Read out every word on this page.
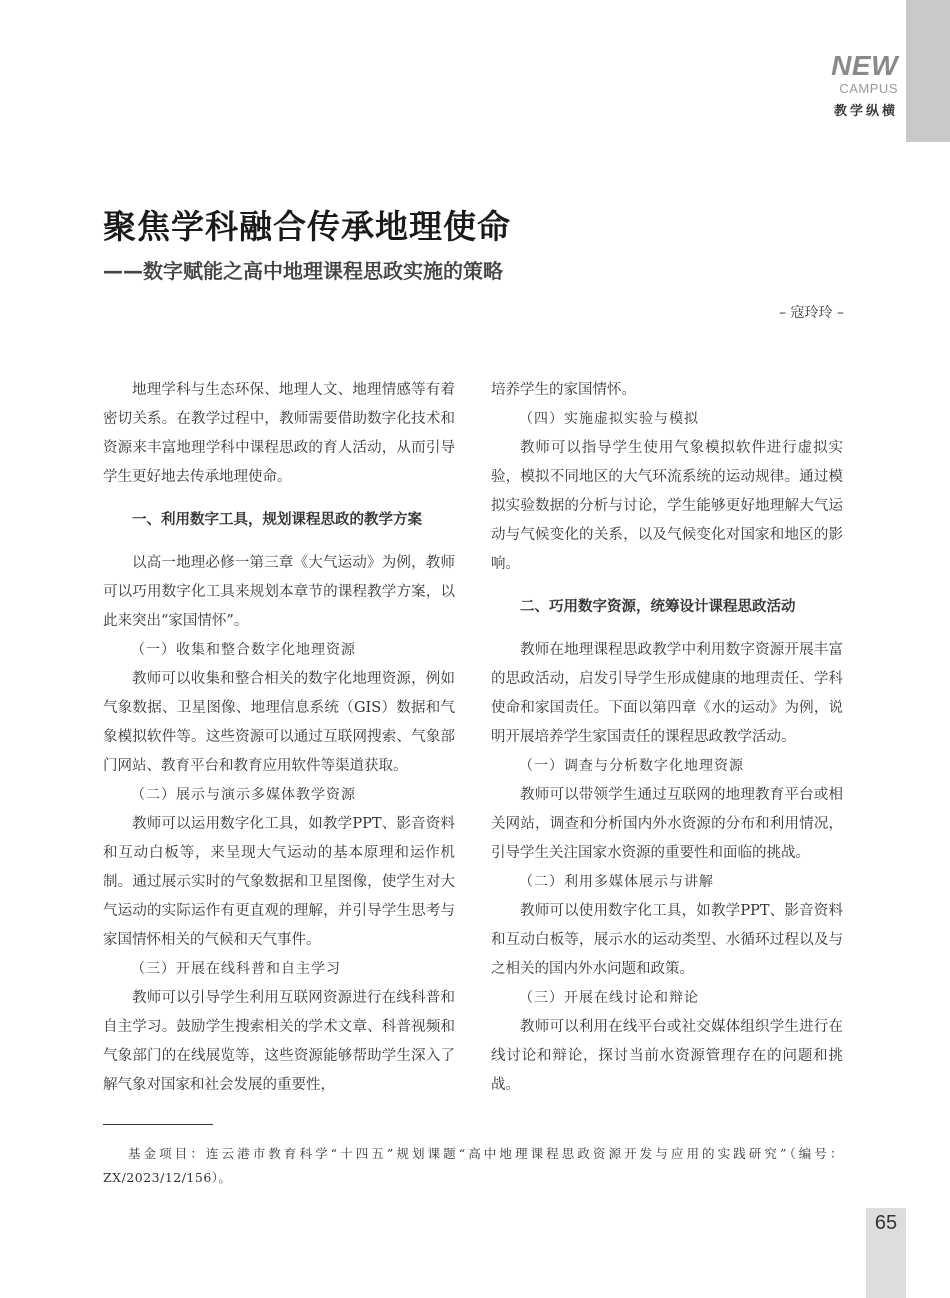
NEW
CAMPUS
教学纵横
聚焦学科融合传承地理使命
——数字赋能之高中地理课程思政实施的策略
– 寇玲玲 –

地理学科与生态环保、地理人文、地理情感等有着密切关系。在教学过程中，教师需要借助数字化技术和资源来丰富地理学科中课程思政的育人活动，从而引导学生更好地去传承地理使命。

一、利用数字工具，规划课程思政的教学方案

以高一地理必修一第三章《大气运动》为例，教师可以巧用数字化工具来规划本章节的课程教学方案，以此来突出“家国情怀”。

（一）收集和整合数字化地理资源

教师可以收集和整合相关的数字化地理资源，例如气象数据、卫星图像、地理信息系统（GIS）数据和气象模拟软件等。这些资源可以通过互联网搜索、气象部门网站、教育平台和教育应用软件等渠道获取。

（二）展示与演示多媒体教学资源

教师可以运用数字化工具，如教学PPT、影音资料和互动白板等，来呈现大气运动的基本原理和运作机制。通过展示实时的气象数据和卫星图像，使学生对大气运动的实际运作有更直观的理解，并引导学生思考与家国情怀相关的气候和天气事件。

（三）开展在线科普和自主学习

教师可以引导学生利用互联网资源进行在线科普和自主学习。鼓励学生搜索相关的学术文章、科普视频和气象部门的在线展览等，这些资源能够帮助学生深入了解气象对国家和社会发展的重要性，

培养学生的家国情怀。

（四）实施虚拟实验与模拟

教师可以指导学生使用气象模拟软件进行虚拟实验，模拟不同地区的大气环流系统的运动规律。通过模拟实验数据的分析与讨论，学生能够更好地理解大气运动与气候变化的关系，以及气候变化对国家和地区的影响。

二、巧用数字资源，统筹设计课程思政活动

教师在地理课程思政教学中利用数字资源开展丰富的思政活动，启发引导学生形成健康的地理责任、学科使命和家国责任。下面以第四章《水的运动》为例，说明开展培养学生家国责任的课程思政教学活动。

（一）调查与分析数字化地理资源

教师可以带领学生通过互联网的地理教育平台或相关网站，调查和分析国内外水资源的分布和利用情况，引导学生关注国家水资源的重要性和面临的挑战。

（二）利用多媒体展示与讲解

教师可以使用数字化工具，如教学PPT、影音资料和互动白板等，展示水的运动类型、水循环过程以及与之相关的国内外水问题和政策。

（三）开展在线讨论和辩论

教师可以利用在线平台或社交媒体组织学生进行在线讨论和辩论，探讨当前水资源管理存在的问题和挑战。

基金项目：连云港市教育科学“十四五”规划课题“高中地理课程思政资源开发与应用的实践研究”（编号：ZX/2023/12/156）。
65
